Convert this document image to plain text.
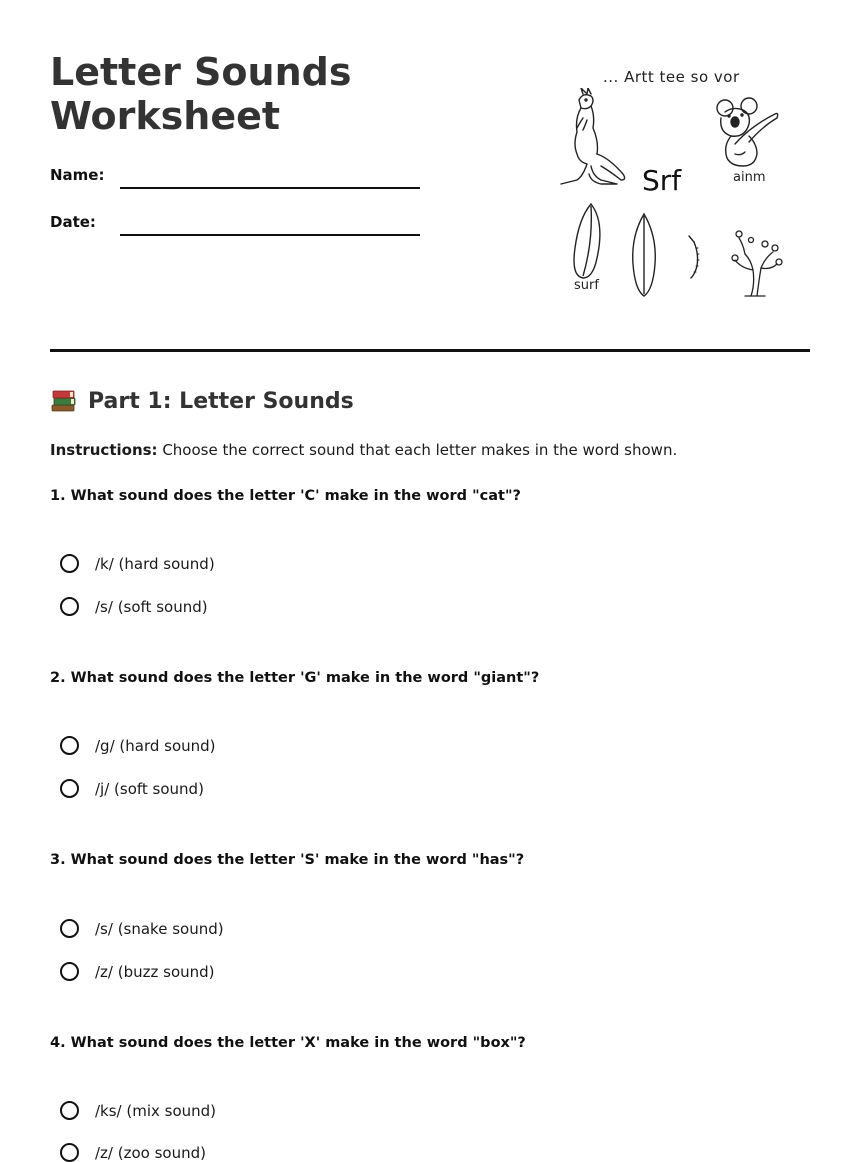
Letter Sounds
Worksheet
Name:
Date:
... Artt tee so vor
ainm
Srf
surf
Part 1: Letter Sounds
Instructions: Choose the correct sound that each letter makes in the word shown.
1. What sound does the letter 'C' make in the word "cat"?
/k/ (hard sound)
/s/ (soft sound)
2. What sound does the letter 'G' make in the word "giant"?
/g/ (hard sound)
/j/ (soft sound)
3. What sound does the letter 'S' make in the word "has"?
/s/ (snake sound)
/z/ (buzz sound)
4. What sound does the letter 'X' make in the word "box"?
/ks/ (mix sound)
/z/ (zoo sound)
